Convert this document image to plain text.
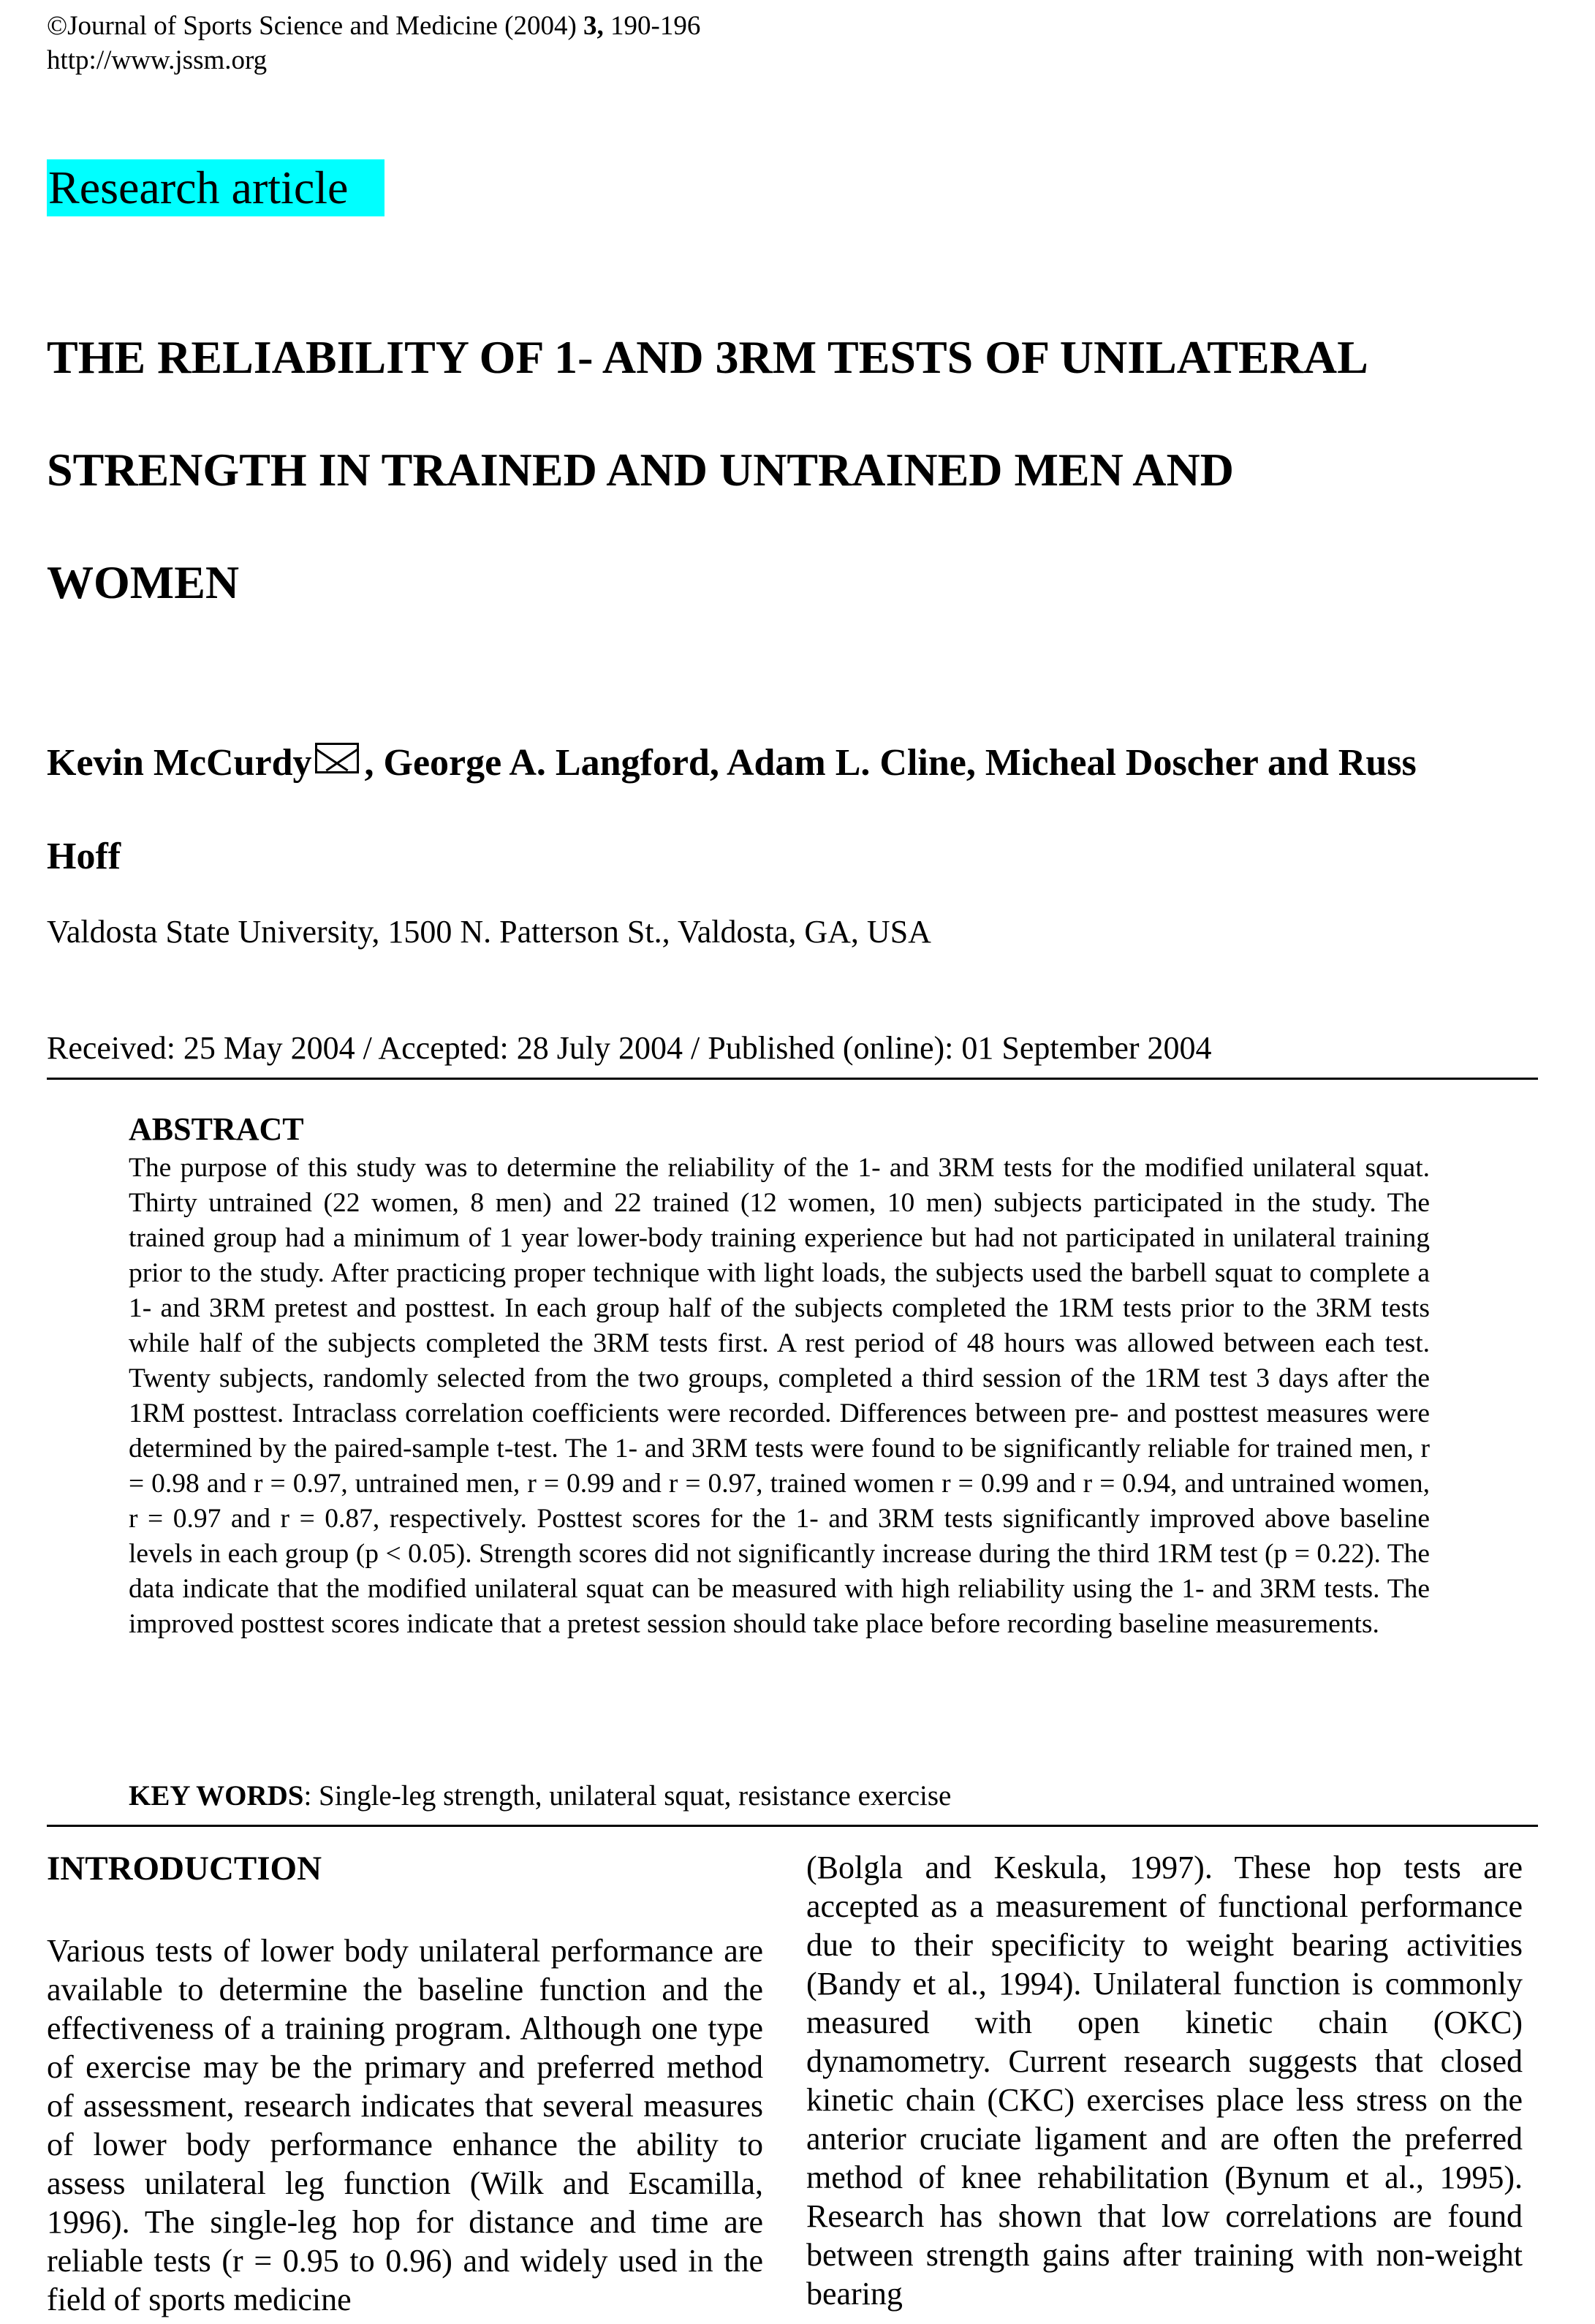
©Journal of Sports Science and Medicine (2004) 3, 190-196
http://www.jssm.org
Research article
THE RELIABILITY OF 1- AND 3RM TESTS OF UNILATERAL
STRENGTH IN TRAINED AND UNTRAINED MEN AND
WOMEN
Kevin McCurdy , George A. Langford, Adam L. Cline, Micheal Doscher and Russ
Hoff
Valdosta State University, 1500 N. Patterson St., Valdosta, GA, USA
Received: 25 May 2004 / Accepted: 28 July 2004 / Published (online): 01 September 2004
ABSTRACT

The purpose of this study was to determine the reliability of the 1- and 3RM tests for the modified unilateral squat. Thirty untrained (22 women, 8 men) and 22 trained (12 women, 10 men) subjects participated in the study. The trained group had a minimum of 1 year lower-body training experience but had not participated in unilateral training prior to the study. After practicing proper technique with light loads, the subjects used the barbell squat to complete a 1- and 3RM pretest and posttest. In each group half of the subjects completed the 1RM tests prior to the 3RM tests while half of the subjects completed the 3RM tests first. A rest period of 48 hours was allowed between each test. Twenty subjects, randomly selected from the two groups, completed a third session of the 1RM test 3 days after the 1RM posttest. Intraclass correlation coefficients were recorded. Differences between pre- and posttest measures were determined by the paired-sample t-test. The 1- and 3RM tests were found to be significantly reliable for trained men, r = 0.98 and r = 0.97, untrained men, r = 0.99 and r = 0.97, trained women r = 0.99 and r = 0.94, and untrained women, r = 0.97 and r = 0.87, respectively. Posttest scores for the 1- and 3RM tests significantly improved above baseline levels in each group (p < 0.05). Strength scores did not significantly increase during the third 1RM test (p = 0.22). The data indicate that the modified unilateral squat can be measured with high reliability using the 1- and 3RM tests. The improved posttest scores indicate that a pretest session should take place before recording baseline measurements.

KEY WORDS: Single-leg strength, unilateral squat, resistance exercise
INTRODUCTION

Various tests of lower body unilateral performance are available to determine the baseline function and the effectiveness of a training program. Although one type of exercise may be the primary and preferred method of assessment, research indicates that several measures of lower body performance enhance the ability to assess unilateral leg function (Wilk and Escamilla, 1996). The single-leg hop for distance and time are reliable tests (r = 0.95 to 0.96) and widely used in the field of sports medicine

(Bolgla and Keskula, 1997). These hop tests are accepted as a measurement of functional performance due to their specificity to weight bearing activities (Bandy et al., 1994). Unilateral function is commonly measured with open kinetic chain (OKC) dynamometry. Current research suggests that closed kinetic chain (CKC) exercises place less stress on the anterior cruciate ligament and are often the preferred method of knee rehabilitation (Bynum et al., 1995). Research has shown that low correlations are found between strength gains after training with non-weight bearing
